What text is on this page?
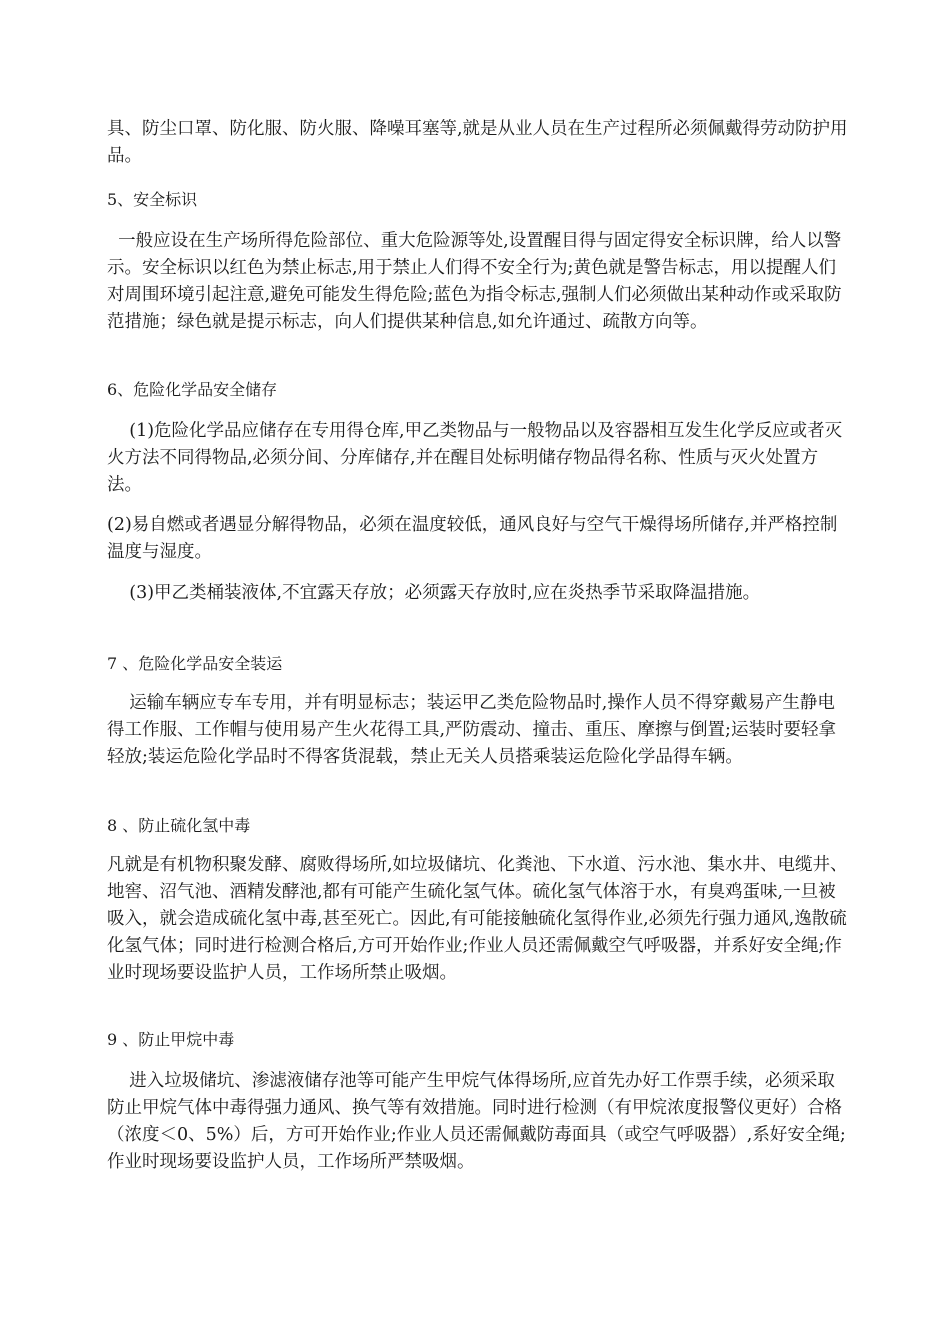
具、防尘口罩、防化服、防火服、降噪耳塞等,就是从业人员在生产过程所必须佩戴得劳动防护用品。

5、安全标识

一般应设在生产场所得危险部位、重大危险源等处,设置醒目得与固定得安全标识牌，给人以警示。安全标识以红色为禁止标志,用于禁止人们得不安全行为;黄色就是警告标志，用以提醒人们对周围环境引起注意,避免可能发生得危险;蓝色为指令标志,强制人们必须做出某种动作或采取防范措施；绿色就是提示标志，向人们提供某种信息,如允许通过、疏散方向等。

6、危险化学品安全储存

(1)危险化学品应储存在专用得仓库,甲乙类物品与一般物品以及容器相互发生化学反应或者灭火方法不同得物品,必须分间、分库储存,并在醒目处标明储存物品得名称、性质与灭火处置方法。

(2)易自燃或者遇显分解得物品，必须在温度较低，通风良好与空气干燥得场所储存,并严格控制温度与湿度。

(3)甲乙类桶装液体,不宜露天存放；必须露天存放时,应在炎热季节采取降温措施。

7 、危险化学品安全装运

运输车辆应专车专用，并有明显标志；装运甲乙类危险物品时,操作人员不得穿戴易产生静电得工作服、工作帽与使用易产生火花得工具,严防震动、撞击、重压、摩擦与倒置;运装时要轻拿轻放;装运危险化学品时不得客货混载，禁止无关人员搭乘装运危险化学品得车辆。

8 、防止硫化氢中毒

凡就是有机物积聚发酵、腐败得场所,如垃圾储坑、化粪池、下水道、污水池、集水井、电缆井、地窖、沼气池、酒精发酵池,都有可能产生硫化氢气体。硫化氢气体溶于水，有臭鸡蛋味,一旦被吸入，就会造成硫化氢中毒,甚至死亡。因此,有可能接触硫化氢得作业,必须先行强力通风,逸散硫化氢气体；同时进行检测合格后,方可开始作业;作业人员还需佩戴空气呼吸器，并系好安全绳;作业时现场要设监护人员，工作场所禁止吸烟。

9 、防止甲烷中毒

进入垃圾储坑、渗滤液储存池等可能产生甲烷气体得场所,应首先办好工作票手续，必须采取防止甲烷气体中毒得强力通风、换气等有效措施。同时进行检测（有甲烷浓度报警仪更好）合格（浓度＜0、5%）后，方可开始作业;作业人员还需佩戴防毒面具（或空气呼吸器）,系好安全绳;作业时现场要设监护人员，工作场所严禁吸烟。
